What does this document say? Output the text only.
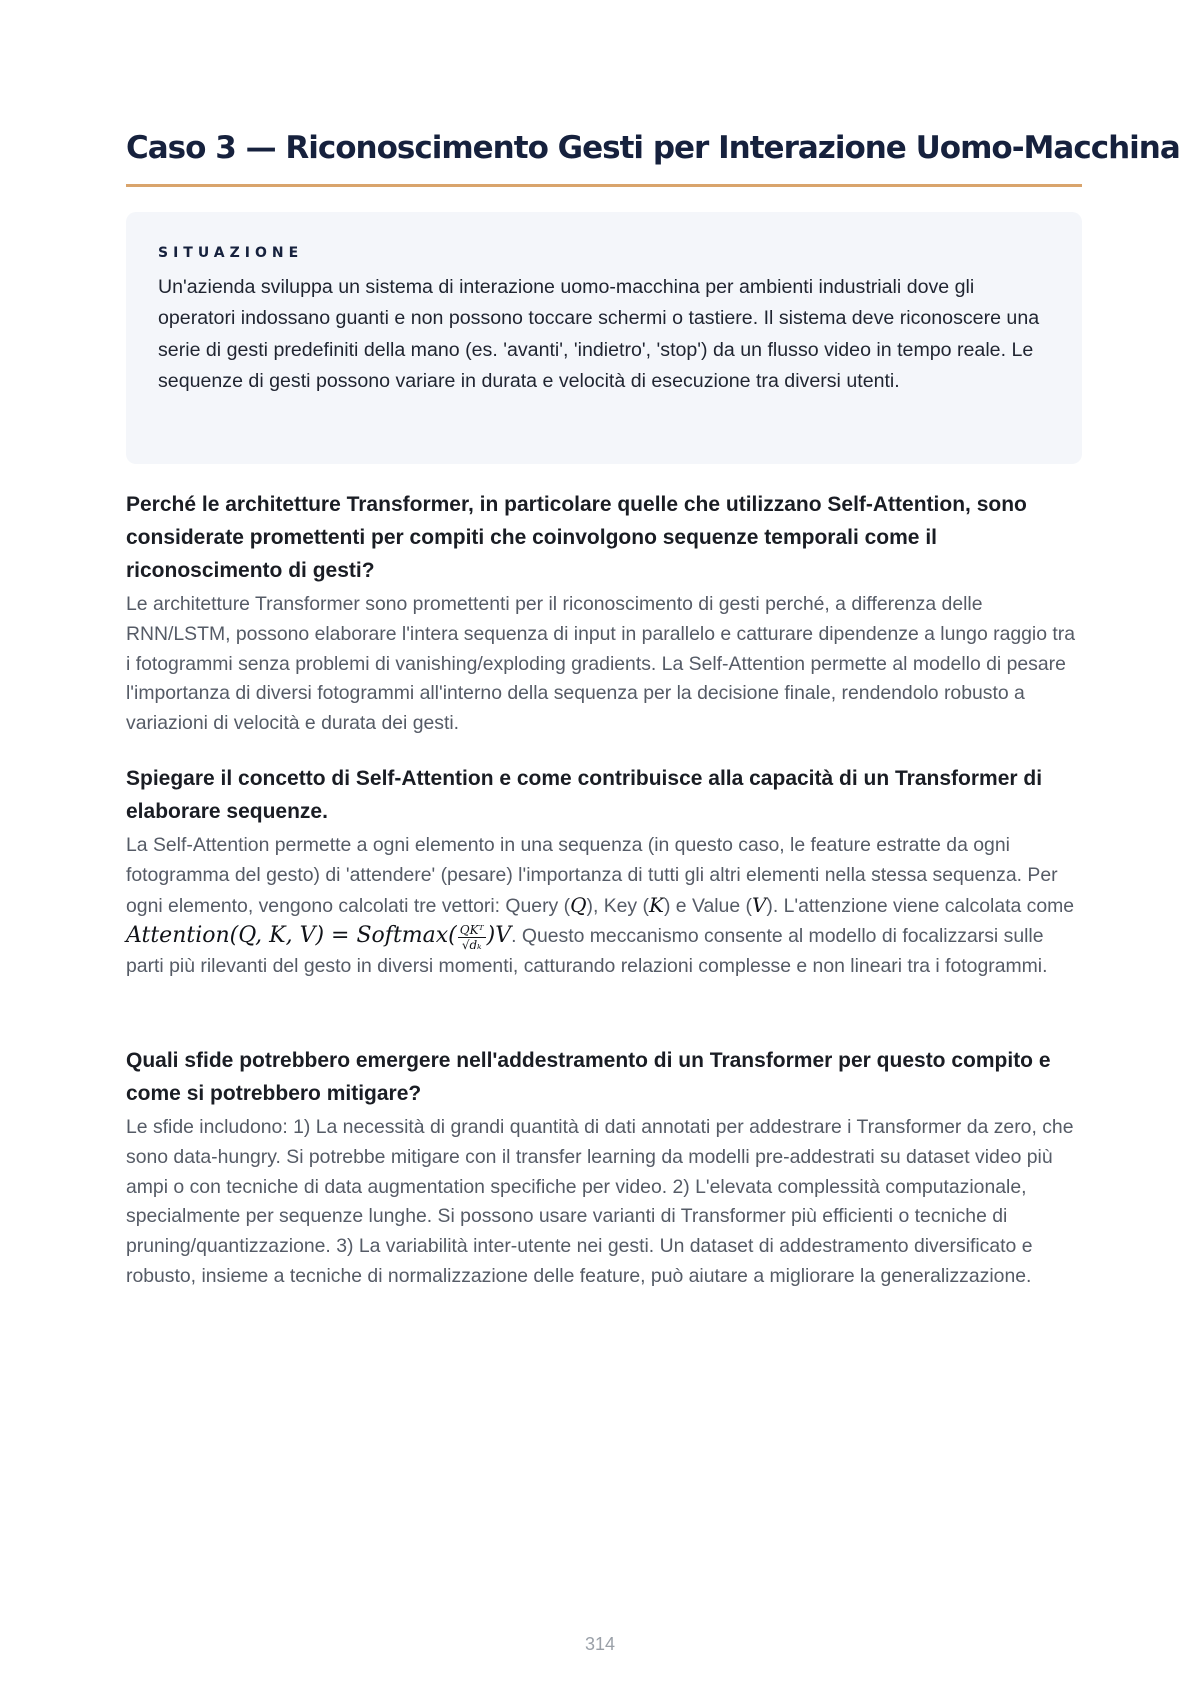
Caso 3 — Riconoscimento Gesti per Interazione Uomo-Macchina
SITUAZIONE

Un'azienda sviluppa un sistema di interazione uomo-macchina per ambienti industriali dove gli operatori indossano guanti e non possono toccare schermi o tastiere. Il sistema deve riconoscere una serie di gesti predefiniti della mano (es. 'avanti', 'indietro', 'stop') da un flusso video in tempo reale. Le sequenze di gesti possono variare in durata e velocità di esecuzione tra diversi utenti.

Perché le architetture Transformer, in particolare quelle che utilizzano Self-Attention, sono considerate promettenti per compiti che coinvolgono sequenze temporali come il riconoscimento di gesti?

Le architetture Transformer sono promettenti per il riconoscimento di gesti perché, a differenza delle RNN/LSTM, possono elaborare l'intera sequenza di input in parallelo e catturare dipendenze a lungo raggio tra i fotogrammi senza problemi di vanishing/exploding gradients. La Self-Attention permette al modello di pesare l'importanza di diversi fotogrammi all'interno della sequenza per la decisione finale, rendendolo robusto a variazioni di velocità e durata dei gesti.

Spiegare il concetto di Self-Attention e come contribuisce alla capacità di un Transformer di elaborare sequenze.

La Self-Attention permette a ogni elemento in una sequenza (in questo caso, le feature estratte da ogni fotogramma del gesto) di 'attendere' (pesare) l'importanza di tutti gli altri elementi nella stessa sequenza. Per ogni elemento, vengono calcolati tre vettori: Query (Q), Key (K) e Value (V). L'attenzione viene calcolata come Attention(Q, K, V) = Softmax( $\frac{\text{QKᵀ}}{\text{√dₖ}} )V$. Questo meccanismo consente al modello di focalizzarsi sulle parti più rilevanti del gesto in diversi momenti, catturando relazioni complesse e non lineari tra i fotogrammi.

Quali sfide potrebbero emergere nell'addestramento di un Transformer per questo compito e come si potrebbero mitigare?

Le sfide includono: 1) La necessità di grandi quantità di dati annotati per addestrare i Transformer da zero, che sono data-hungry. Si potrebbe mitigare con il transfer learning da modelli pre-addestrati su dataset video più ampi o con tecniche di data augmentation specifiche per video. 2) L'elevata complessità computazionale, specialmente per sequenze lunghe. Si possono usare varianti di Transformer più efficienti o tecniche di pruning/quantizzazione. 3) La variabilità inter-utente nei gesti. Un dataset di addestramento diversificato e robusto, insieme a tecniche di normalizzazione delle feature, può aiutare a migliorare la generalizzazione.

314
